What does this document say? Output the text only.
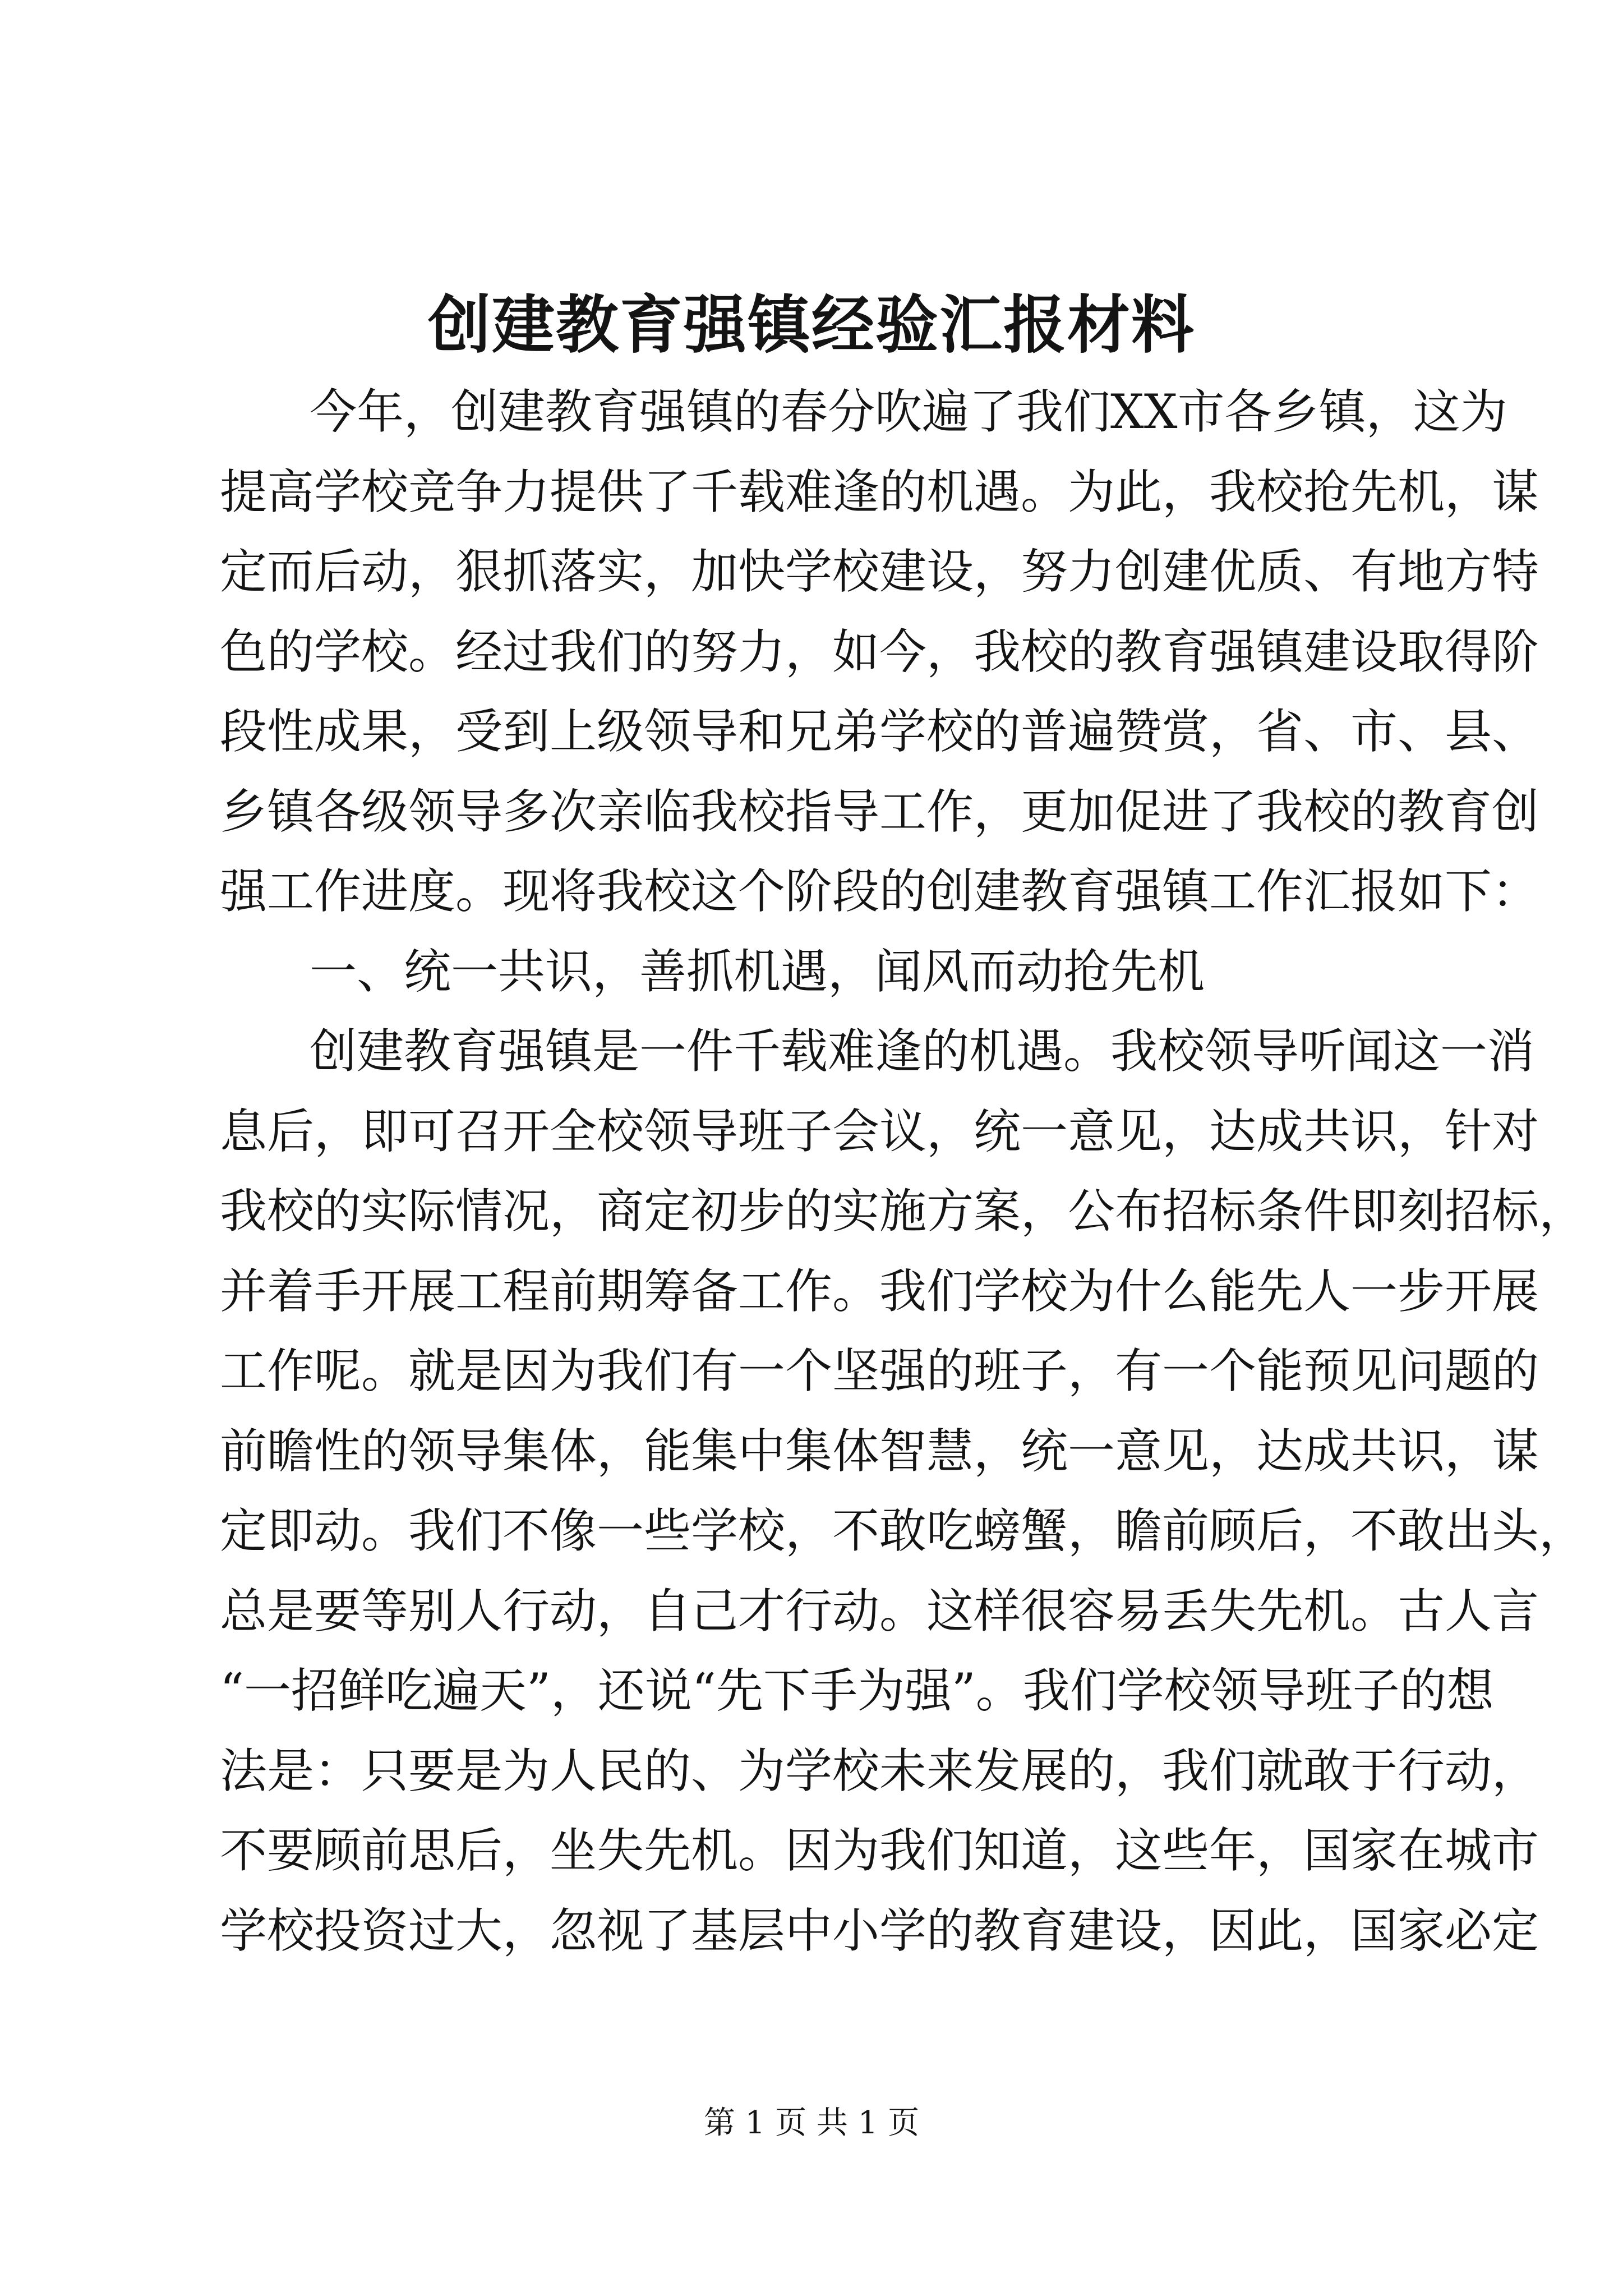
创建教育强镇经验汇报材料
今年，创建教育强镇的春分吹遍了我们XX市各乡镇，这为
提高学校竞争力提供了千载难逢的机遇。为此，我校抢先机，谋
定而后动，狠抓落实，加快学校建设，努力创建优质、有地方特
色的学校。经过我们的努力，如今，我校的教育强镇建设取得阶
段性成果，受到上级领导和兄弟学校的普遍赞赏，省、市、县、
乡镇各级领导多次亲临我校指导工作，更加促进了我校的教育创
强工作进度。现将我校这个阶段的创建教育强镇工作汇报如下：
一、统一共识，善抓机遇，闻风而动抢先机
创建教育强镇是一件千载难逢的机遇。我校领导听闻这一消
息后，即可召开全校领导班子会议，统一意见，达成共识，针对
我校的实际情况，商定初步的实施方案，公布招标条件即刻招标，
并着手开展工程前期筹备工作。我们学校为什么能先人一步开展
工作呢。就是因为我们有一个坚强的班子，有一个能预见问题的
前瞻性的领导集体，能集中集体智慧，统一意见，达成共识，谋
定即动。我们不像一些学校，不敢吃螃蟹，瞻前顾后，不敢出头，
总是要等别人行动，自己才行动。这样很容易丢失先机。古人言
“一招鲜吃遍天”，还说“先下手为强”。我们学校领导班子的想
法是：只要是为人民的、为学校未来发展的，我们就敢于行动，
不要顾前思后，坐失先机。因为我们知道，这些年，国家在城市
学校投资过大，忽视了基层中小学的教育建设，因此，国家必定
第 1 页 共 1 页
